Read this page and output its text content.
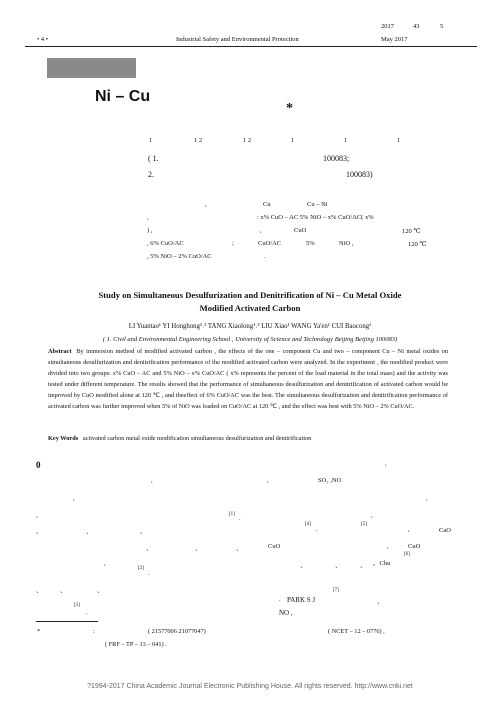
2017	43	5
• 4 •	Industrial Safety and Environmental Protection	May 2017
Ni – Cu
*
1	1 2	1 2	1	1	1
( 1.	100083;
2.	100083)
,	Cu	Cu – Ni
,	: x% CuO – AC 5% NiO – x% CuO/AC( x%
) ,	,	CuO	120 ℃
, 6% CuO/AC	;	CuO/AC	5%	NiO ,	120 ℃
, 5% NiO – 2% CuO/AC	.
Study on Simultaneous Desulfurization and Denitrification of Ni – Cu Metal Oxide
Modified Activated Carbon
LI Yuantao¹ YI Honghong¹˒² TANG Xiaolong¹˒² LIU Xiao¹ WANG Ya'en¹ CUI Baocong¹
( 1. Civil and Environmental Engineering School , University of Science and Technology Beijing Beijing 100083)
Abstract By immersion method of modified activated carbon , the effects of the one – component Cu and two – component Cu – Ni metal oxides on simultaneous desulfurization and denitrification performance of the modified activated carbon were analyzed. In the experiment , the modified product were divided into two groups: x% CuO – AC and 5% NiO – x% CuO/AC ( x% represents the percent of the load material in the total mass) and the activity was tested under different temperature. The results showed that the performance of simultaneous desulfurization and denitrification of activated carbon would be improved by CuO modified alone at 120 ℃ , and theeffect of 6% CuO/AC was the best. The simultaneous desulfurization and denitrification performance of activated carbon was further improved when 5% of NiO was loaded on CuO/AC at 120 ℃ , and the effect was best with 5% NiO – 2% CuO/AC.
Key Words activated carbon metal oxide modification simultaneous desulfurization and denitrification
0	,
,	,	SO₂ ,NO
,	,
,	[1]
.	,
、	、	、
[4]
.
[5]
,	CaO
、	、	、	CuO	,
,
CuO
、	、	、 。Chu
[6]
[2]
.
、	、	、	[7]
. PARK S J	、
[3]
.	NO ,
*	:	( 21577006 21077047)	( NCET – 12 – 0776) ,
( FRF – TP – 13 – 041) .
?1994-2017 China Academic Journal Electronic Publishing House. All rights reserved. http://www.cnki.net
